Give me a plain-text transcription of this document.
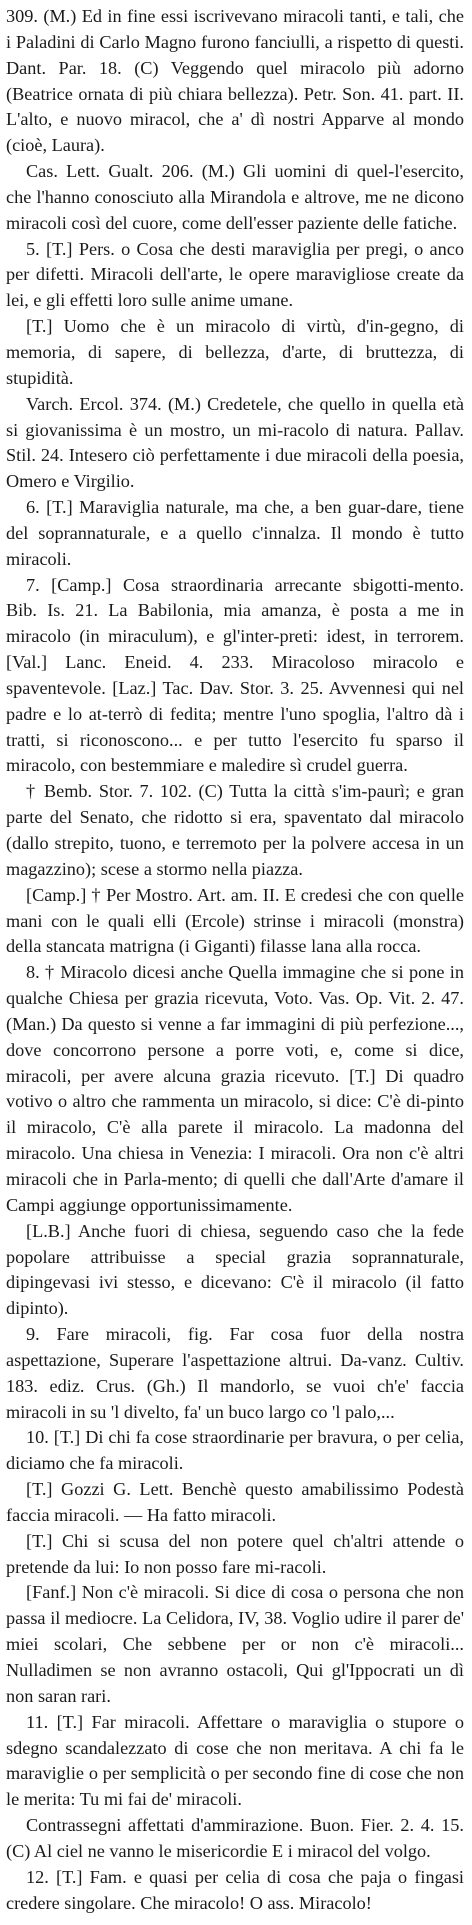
309. (M.) Ed in fine essi iscrivevano miracoli tanti, e tali, che i Paladini di Carlo Magno furono fanciulli, a rispetto di questi. Dant. Par. 18. (C) Veggendo quel miracolo più adorno (Beatrice ornata di più chiara bellezza). Petr. Son. 41. part. II. L'alto, e nuovo miracol, che a' dì nostri Apparve al mondo (cioè, Laura).

Cas. Lett. Gualt. 206. (M.) Gli uomini di quel-l'esercito, che l'hanno conosciuto alla Mirandola e altrove, me ne dicono miracoli così del cuore, come dell'esser paziente delle fatiche.

5. [T.] Pers. o Cosa che desti maraviglia per pregi, o anco per difetti. Miracoli dell'arte, le opere maravigliose create da lei, e gli effetti loro sulle anime umane.

[T.] Uomo che è un miracolo di virtù, d'in-gegno, di memoria, di sapere, di bellezza, d'arte, di bruttezza, di stupidità.

Varch. Ercol. 374. (M.) Credetele, che quello in quella età si giovanissima è un mostro, un mi-racolo di natura. Pallav. Stil. 24. Intesero ciò perfettamente i due miracoli della poesia, Omero e Virgilio.

6. [T.] Maraviglia naturale, ma che, a ben guar-dare, tiene del soprannaturale, e a quello c'innalza. Il mondo è tutto miracoli.

7. [Camp.] Cosa straordinaria arrecante sbigotti-mento. Bib. Is. 21. La Babilonia, mia amanza, è posta a me in miracolo (in miraculum), e gl'inter-preti: idest, in terrorem. [Val.] Lanc. Eneid. 4. 233. Miracoloso miracolo e spaventevole. [Laz.] Tac. Dav. Stor. 3. 25. Avvennesi qui nel padre e lo at-terrò di fedita; mentre l'uno spoglia, l'altro dà i tratti, si riconoscono... e per tutto l'esercito fu sparso il miracolo, con bestemmiare e maledire sì crudel guerra.

† Bemb. Stor. 7. 102. (C) Tutta la città s'im-paurì; e gran parte del Senato, che ridotto si era, spaventato dal miracolo (dallo strepito, tuono, e terremoto per la polvere accesa in un magazzino); scese a stormo nella piazza.

[Camp.] † Per Mostro. Art. am. II. E credesi che con quelle mani con le quali elli (Ercole) strinse i miracoli (monstra) della stancata matrigna (i Giganti) filasse lana alla rocca.

8. † Miracolo dicesi anche Quella immagine che si pone in qualche Chiesa per grazia ricevuta, Voto. Vas. Op. Vit. 2. 47. (Man.) Da questo si venne a far immagini di più perfezione..., dove concorrono persone a porre voti, e, come si dice, miracoli, per avere alcuna grazia ricevuto. [T.] Di quadro votivo o altro che rammenta un miracolo, si dice: C'è di-pinto il miracolo, C'è alla parete il miracolo. La madonna del miracolo. Una chiesa in Venezia: I miracoli. Ora non c'è altri miracoli che in Parla-mento; di quelli che dall'Arte d'amare il Campi aggiunge opportunissimamente.

[L.B.] Anche fuori di chiesa, seguendo caso che la fede popolare attribuisse a special grazia soprannaturale, dipingevasi ivi stesso, e dicevano: C'è il miracolo (il fatto dipinto).

9. Fare miracoli, fig. Far cosa fuor della nostra aspettazione, Superare l'aspettazione altrui. Da-vanz. Cultiv. 183. ediz. Crus. (Gh.) Il mandorlo, se vuoi ch'e' faccia miracoli in su 'l divelto, fa' un buco largo co 'l palo,...

10. [T.] Di chi fa cose straordinarie per bravura, o per celia, diciamo che fa miracoli.

[T.] Gozzi G. Lett. Benchè questo amabilissimo Podestà faccia miracoli. — Ha fatto miracoli.

[T.] Chi si scusa del non potere quel ch'altri attende o pretende da lui: Io non posso fare mi-racoli.

[Fanf.] Non c'è miracoli. Si dice di cosa o persona che non passa il mediocre. La Celidora, IV, 38. Voglio udire il parer de' miei scolari, Che sebbene per or non c'è miracoli... Nulladimen se non avranno ostacoli, Qui gl'Ippocrati un dì non saran rari.

11. [T.] Far miracoli. Affettare o maraviglia o stupore o sdegno scandalezzato di cose che non meritava. A chi fa le maraviglie o per semplicità o per secondo fine di cose che non le merita: Tu mi fai de' miracoli.

Contrassegni affettati d'ammirazione. Buon. Fier. 2. 4. 15. (C) Al ciel ne vanno le misericordie E i miracol del volgo.

12. [T.] Fam. e quasi per celia di cosa che paja o fingasi credere singolare. Che miracolo! O ass. Miracolo!
